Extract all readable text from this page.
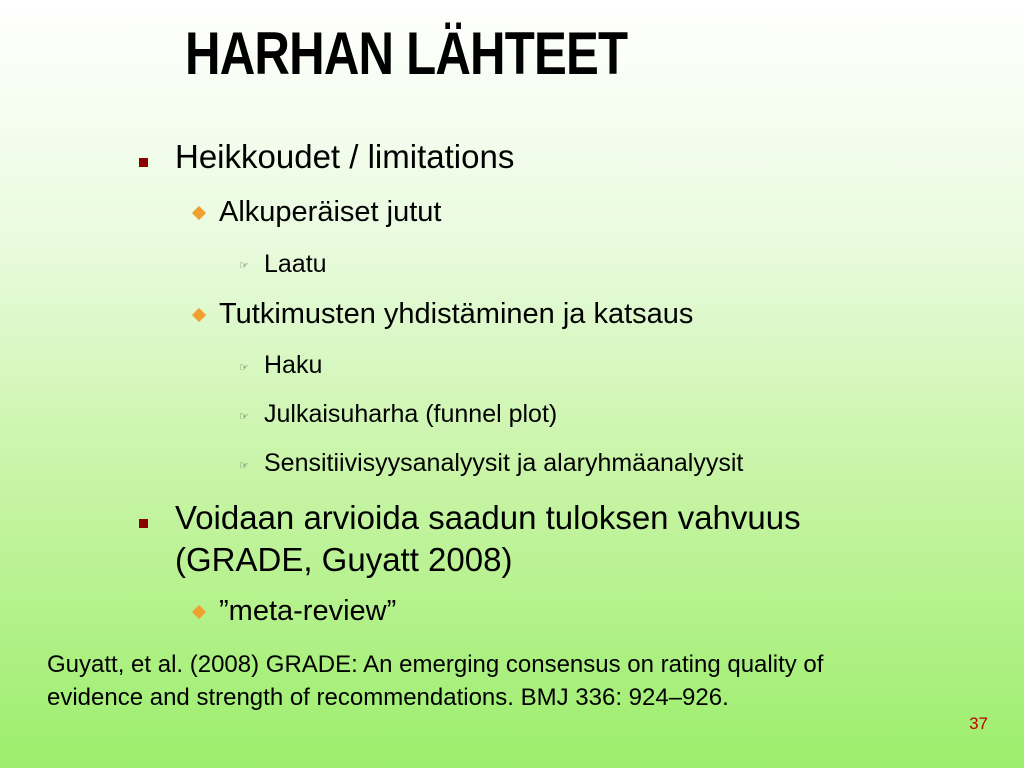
HARHAN LÄHTEET
Heikkoudet / limitations
Alkuperäiset jutut
☞ Laatu
Tutkimusten yhdistäminen ja katsaus
☞ Haku
☞ Julkaisuharha (funnel plot)
☞ Sensitiivisyysanalyysit ja alaryhmäanalyysit
Voidaan arvioida saadun tuloksen vahvuus
(GRADE, Guyatt 2008)
”meta-review”

Guyatt, et al. (2008) GRADE: An emerging consensus on rating quality of
evidence and strength of recommendations. BMJ 336: 924–926.

37
